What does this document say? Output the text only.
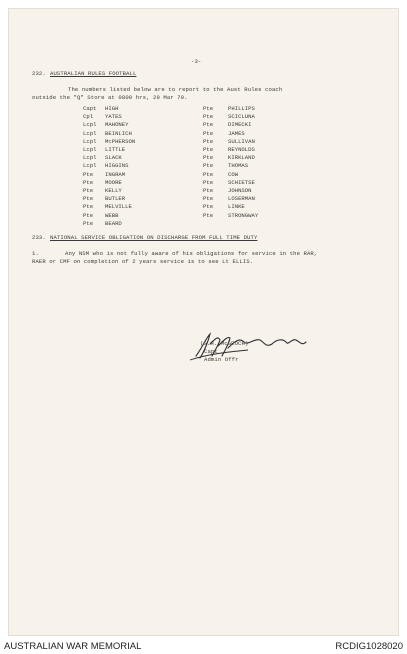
-3-
232. AUSTRALIAN RULES FOOTBALL
The numbers listed below are to report to the Aust Rules coach
outside the "Q" Store at 0800 hrs, 29 Mar 70.
Capt HIGH	Pte	PHILLIPS
Cpl YATES	Pte	SCICLUNA
Lcpl MAHONEY	Pte	DIMECKI
Lcpl BEINLICH	Pte	JAMES
Lcpl McPHERSON	Pte	SULLIVAN
Lcpl LITTLE	Pte	REYNOLDS
Lcpl SLACK	Pte	KIRKLAND
Lcpl HIGGINS	Pte	THOMAS
Pte INGRAM	Pte	COW
Pte MOORE	Pte	SCHIETSE
Pte KELLY	Pte	JOHNSON
Pte BUTLER	Pte	LOSERMAN
Pte MELVILLE	Pte	LINKE
Pte WEBB	Pte	STRONGWAY
Pte BEARD
233. NATIONAL SERVICE OBLIGATION ON DISCHARGE FROM FULL TIME DUTY
1.	Any NSM who is not fully aware of his obligations for service in the RAR,
RAER or CMF on completion of 2 years service is to see Lt ELLIS.
(G.H. McGEOCH)
Capt
Admin Offr
AUSTRALIAN WAR MEMORIAL	RCDIG1028020
